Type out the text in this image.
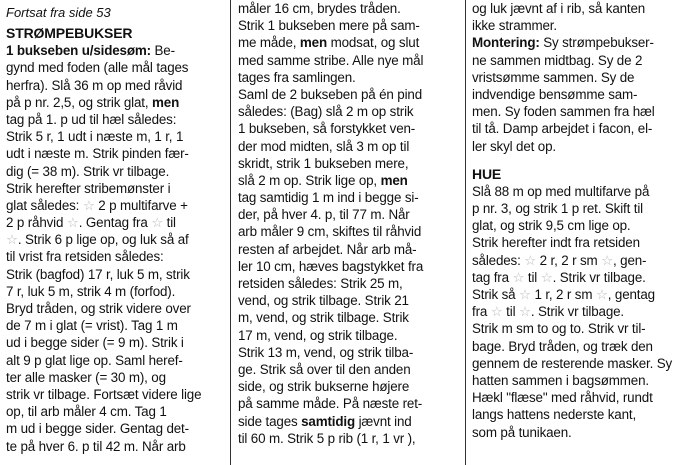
Fortsat fra side 53
STRØMPEBUKSER
1 bukseben u/sidesøm: Be-
gynd med foden (alle mål tages
herfra). Slå 36 m op med råvid
på p nr. 2,5, og strik glat, men
tag på 1. p ud til hæl således:
Strik 5 r, 1 udt i næste m, 1 r, 1
udt i næste m. Strik pinden fær-
dig (= 38 m). Strik vr tilbage.
Strik herefter stribemønster i
glat således: ☆ 2 p multifarve +
2 p råhvid ☆. Gentag fra ☆ til
☆. Strik 6 p lige op, og luk så af
til vrist fra retsiden således:
Strik (bagfod) 17 r, luk 5 m, strik
7 r, luk 5 m, strik 4 m (forfod).
Bryd tråden, og strik videre over
de 7 m i glat (= vrist). Tag 1 m
ud i begge sider (= 9 m). Strik i
alt 9 p glat lige op. Saml heref-
ter alle masker (= 30 m), og
strik vr tilbage. Fortsæt videre lige
op, til arb måler 4 cm. Tag 1
m ud i begge sider. Gentag det-
te på hver 6. p til 42 m. Når arb
måler 16 cm, brydes tråden.
Strik 1 bukseben mere på sam-
me måde, men modsat, og slut
med samme stribe. Alle nye mål
tages fra samlingen.
Saml de 2 bukseben på én pind
således: (Bag) slå 2 m op strik
1 bukseben, så forstykket ven-
der mod midten, slå 3 m op til
skridt, strik 1 bukseben mere,
slå 2 m op. Strik lige op, men
tag samtidig 1 m ind i begge si-
der, på hver 4. p, til 77 m. Når
arb måler 9 cm, skiftes til råhvid
resten af arbejdet. Når arb må-
ler 10 cm, hæves bagstykket fra
retsiden således: Strik 25 m,
vend, og strik tilbage. Strik 21
m, vend, og strik tilbage. Strik
17 m, vend, og strik tilbage.
Strik 13 m, vend, og strik tilba-
ge. Strik så over til den anden
side, og strik bukserne højere
på samme måde. På næste ret-
side tages samtidig jævnt ind
til 60 m. Strik 5 p rib (1 r, 1 vr ),
og luk jævnt af i rib, så kanten
ikke strammer.
Montering: Sy strømpebukser-
ne sammen midtbag. Sy de 2
vristsømme sammen. Sy de
indvendige bensømme sam-
men. Sy foden sammen fra hæl
til tå. Damp arbejdet i facon, el-
ler skyl det op.
HUE
Slå 88 m op med multifarve på
p nr. 3, og strik 1 p ret. Skift til
glat, og strik 9,5 cm lige op.
Strik herefter indt fra retsiden
således: ☆ 2 r, 2 r sm ☆, gen-
tag fra ☆ til ☆. Strik vr tilbage.
Strik så ☆ 1 r, 2 r sm ☆, gentag
fra ☆ til ☆. Strik vr tilbage.
Strik m sm to og to. Strik vr til-
bage. Bryd tråden, og træk den
gennem de resterende masker. Sy
hatten sammen i bagsømmen.
Hækl "flæse" med råhvid, rundt
langs hattens nederste kant,
som på tunikaen.
